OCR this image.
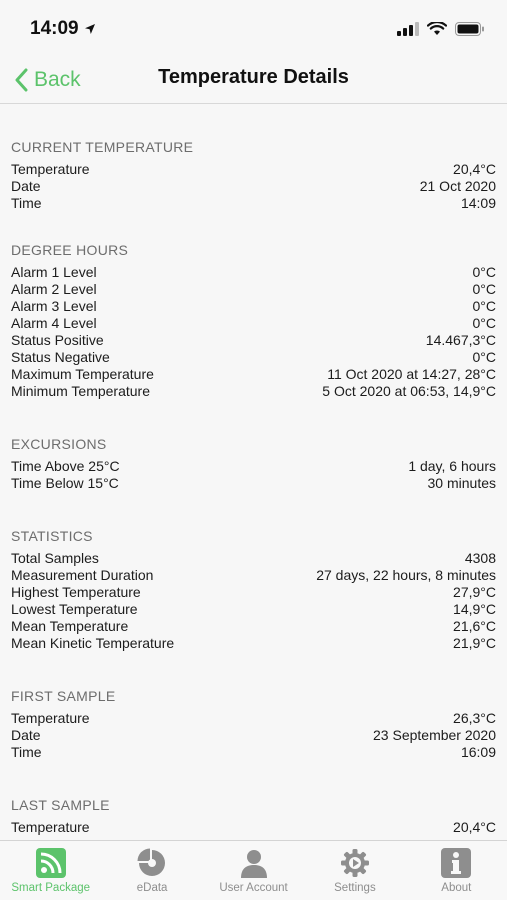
14:09
Back	Temperature Details
CURRENT TEMPERATURE
Temperature	20,4°C
Date	21 Oct 2020
Time	14:09
DEGREE HOURS
Alarm 1 Level	0°C
Alarm 2 Level	0°C
Alarm 3 Level	0°C
Alarm 4 Level	0°C
Status Positive	14.467,3°C
Status Negative	0°C
Maximum Temperature	11 Oct 2020 at 14:27, 28°C
Minimum Temperature	5 Oct 2020 at 06:53, 14,9°C
EXCURSIONS
Time Above 25°C	1 day, 6 hours
Time Below 15°C	30 minutes
STATISTICS
Total Samples	4308
Measurement Duration	27 days, 22 hours, 8 minutes
Highest Temperature	27,9°C
Lowest Temperature	14,9°C
Mean Temperature	21,6°C
Mean Kinetic Temperature	21,9°C
FIRST SAMPLE
Temperature	26,3°C
Date	23 September 2020
Time	16:09
LAST SAMPLE
Temperature	20,4°C
Smart Package	eData	User Account	Settings	About
